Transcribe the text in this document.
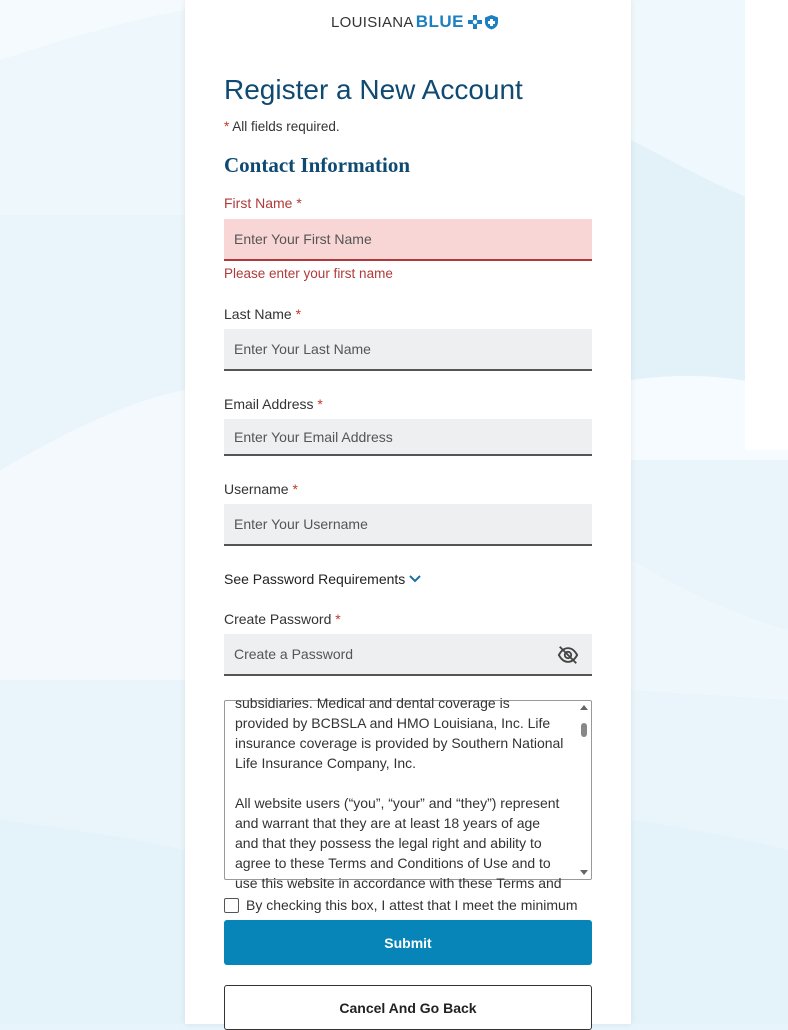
LOUISIANA BLUE
Register a New Account
* All fields required.
Contact Information
First Name *
Enter Your First Name
Please enter your first name
Last Name *
Enter Your Last Name
Email Address *
Enter Your Email Address
Username *
Enter Your Username
See Password Requirements
Create Password *

subsidiaries. Medical and dental coverage is provided by BCBSLA and HMO Louisiana, Inc. Life insurance coverage is provided by Southern National Life Insurance Company, Inc.

All website users (“you”, “your” and “they”) represent and warrant that they are at least 18 years of age and that they possess the legal right and ability to agree to these Terms and Conditions of Use and to use this website in accordance with these Terms and

By checking this box, I attest that I meet the minimum
Submit
Cancel And Go Back
